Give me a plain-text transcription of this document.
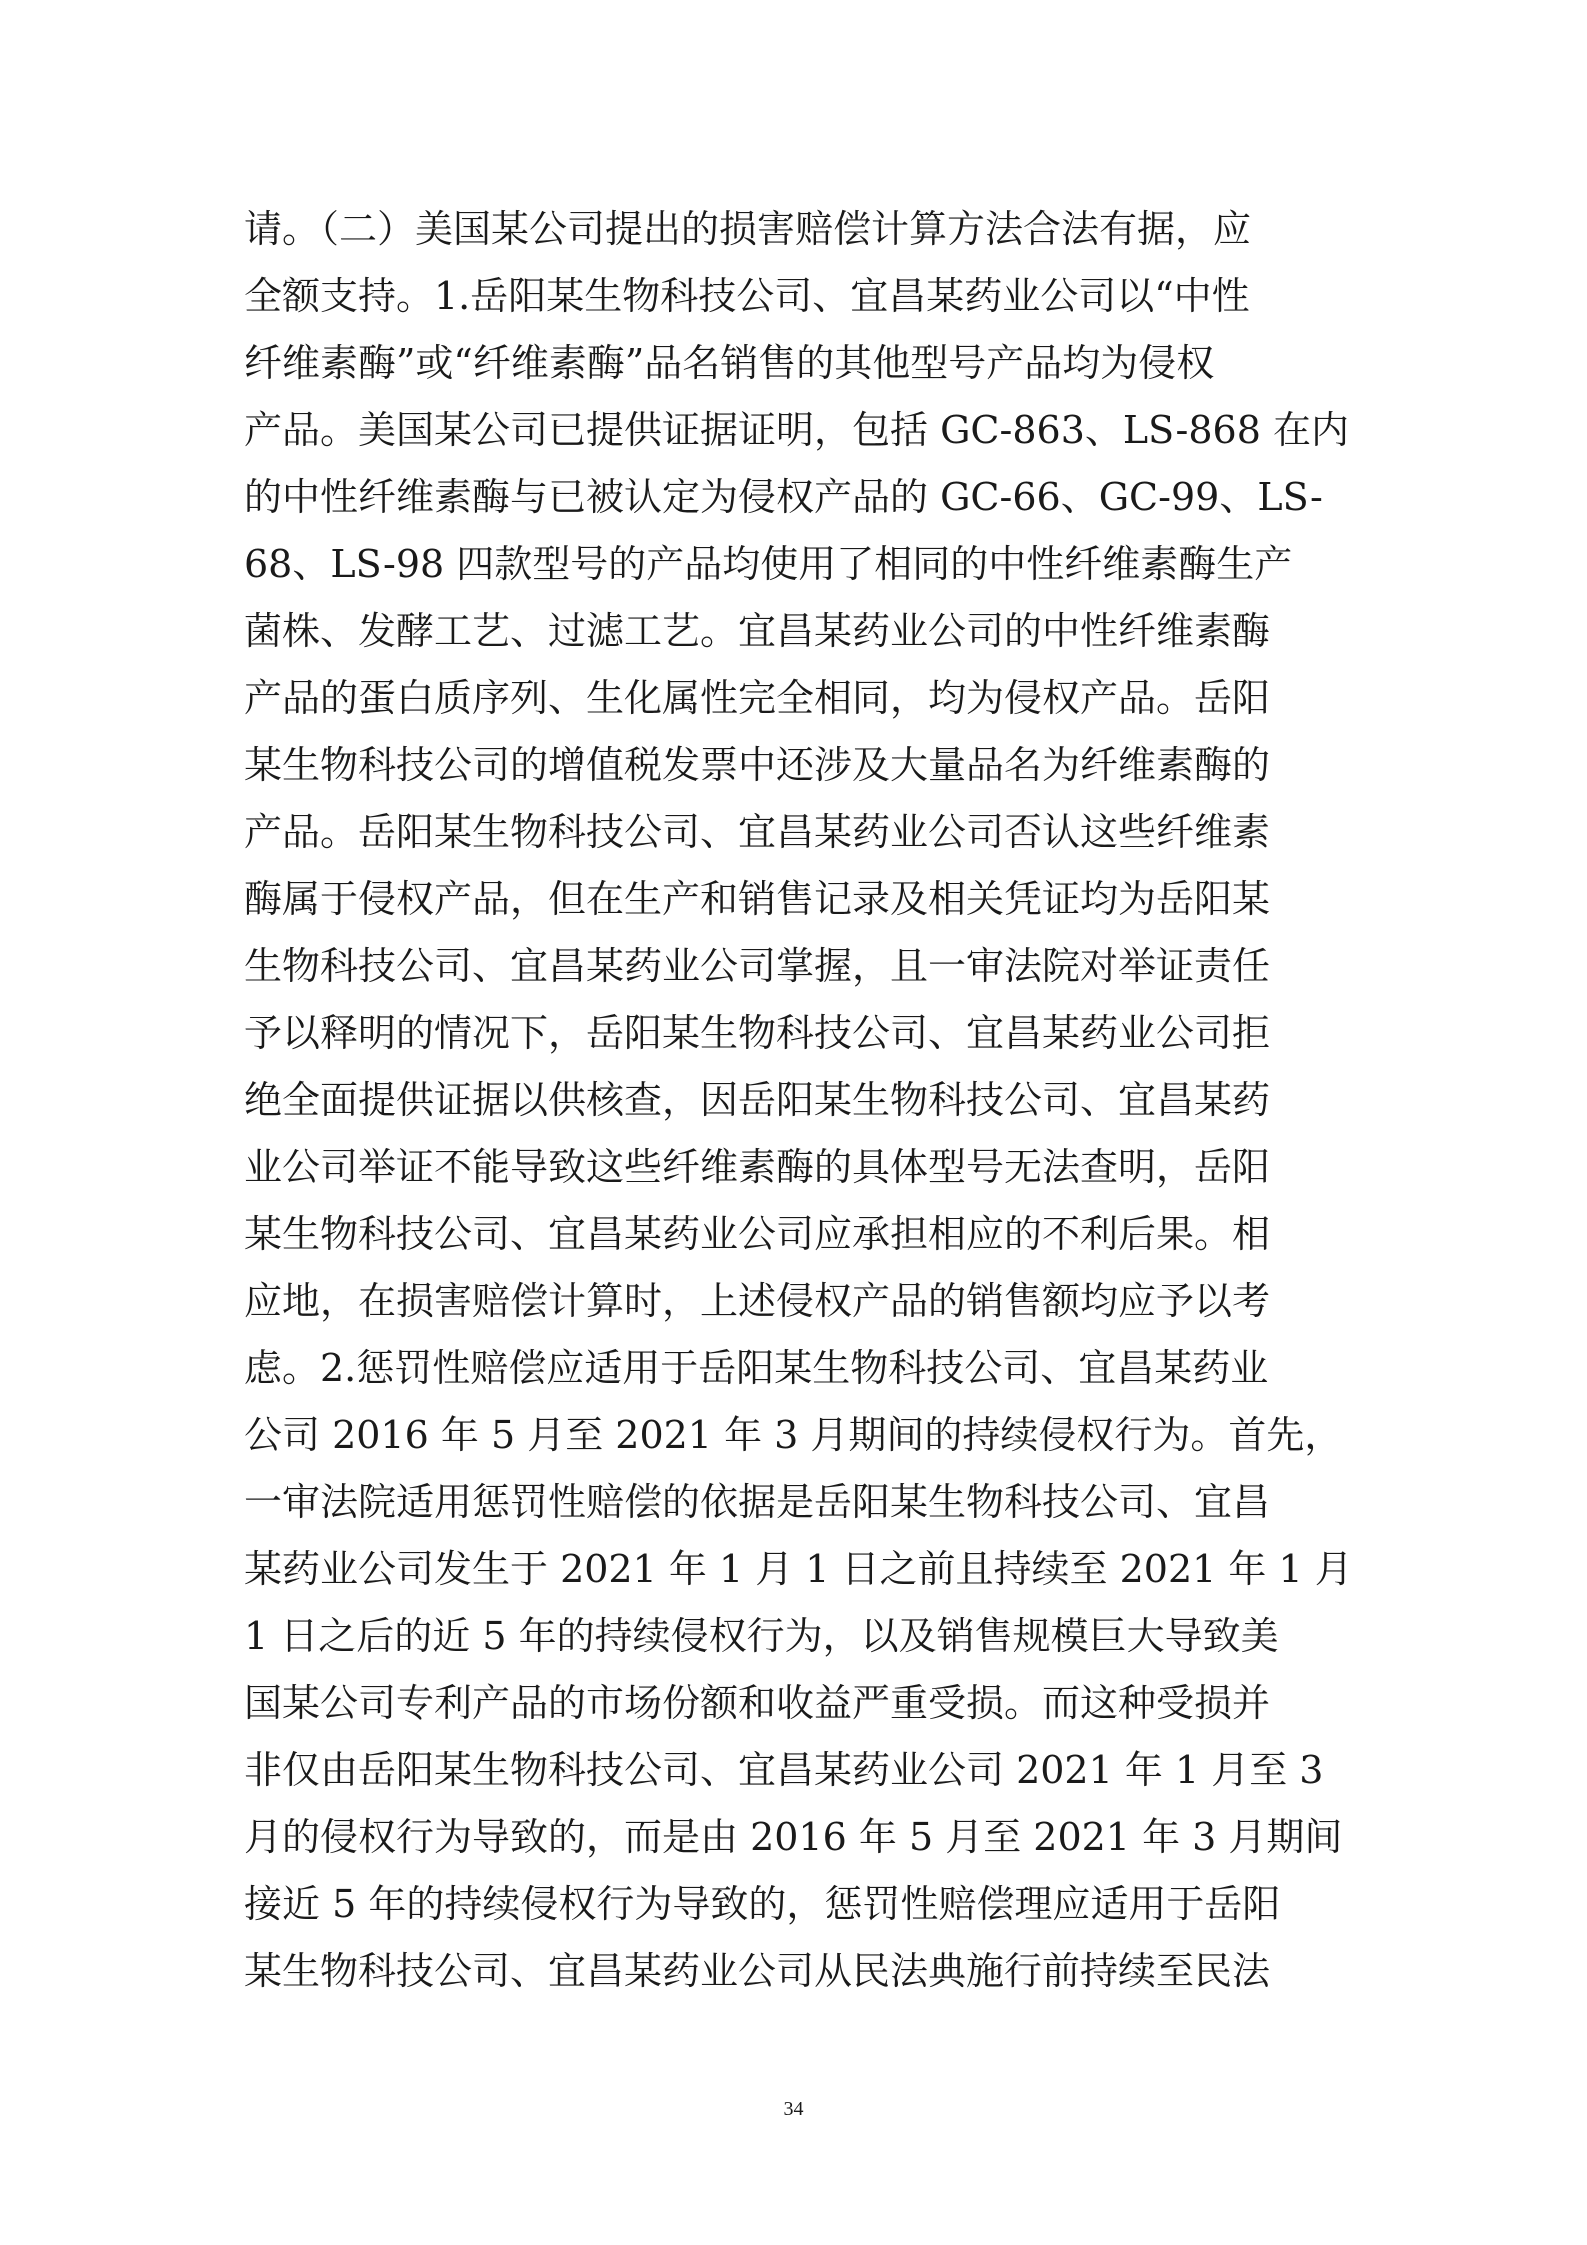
请。（二）美国某公司提出的损害赔偿计算方法合法有据，应
全额支持。1.岳阳某生物科技公司、宜昌某药业公司以“中性
纤维素酶”或“纤维素酶”品名销售的其他型号产品均为侵权
产品。美国某公司已提供证据证明，包括 GC-863、LS-868 在内
的中性纤维素酶与已被认定为侵权产品的 GC-66、GC-99、LS-
68、LS-98 四款型号的产品均使用了相同的中性纤维素酶生产
菌株、发酵工艺、过滤工艺。宜昌某药业公司的中性纤维素酶
产品的蛋白质序列、生化属性完全相同，均为侵权产品。岳阳
某生物科技公司的增值税发票中还涉及大量品名为纤维素酶的
产品。岳阳某生物科技公司、宜昌某药业公司否认这些纤维素
酶属于侵权产品，但在生产和销售记录及相关凭证均为岳阳某
生物科技公司、宜昌某药业公司掌握，且一审法院对举证责任
予以释明的情况下，岳阳某生物科技公司、宜昌某药业公司拒
绝全面提供证据以供核查，因岳阳某生物科技公司、宜昌某药
业公司举证不能导致这些纤维素酶的具体型号无法查明，岳阳
某生物科技公司、宜昌某药业公司应承担相应的不利后果。相
应地，在损害赔偿计算时，上述侵权产品的销售额均应予以考
虑。2.惩罚性赔偿应适用于岳阳某生物科技公司、宜昌某药业
公司 2016 年 5 月至 2021 年 3 月期间的持续侵权行为。首先，
一审法院适用惩罚性赔偿的依据是岳阳某生物科技公司、宜昌
某药业公司发生于 2021 年 1 月 1 日之前且持续至 2021 年 1 月
1 日之后的近 5 年的持续侵权行为，以及销售规模巨大导致美
国某公司专利产品的市场份额和收益严重受损。而这种受损并
非仅由岳阳某生物科技公司、宜昌某药业公司 2021 年 1 月至 3
月的侵权行为导致的，而是由 2016 年 5 月至 2021 年 3 月期间
接近 5 年的持续侵权行为导致的，惩罚性赔偿理应适用于岳阳
某生物科技公司、宜昌某药业公司从民法典施行前持续至民法
34
